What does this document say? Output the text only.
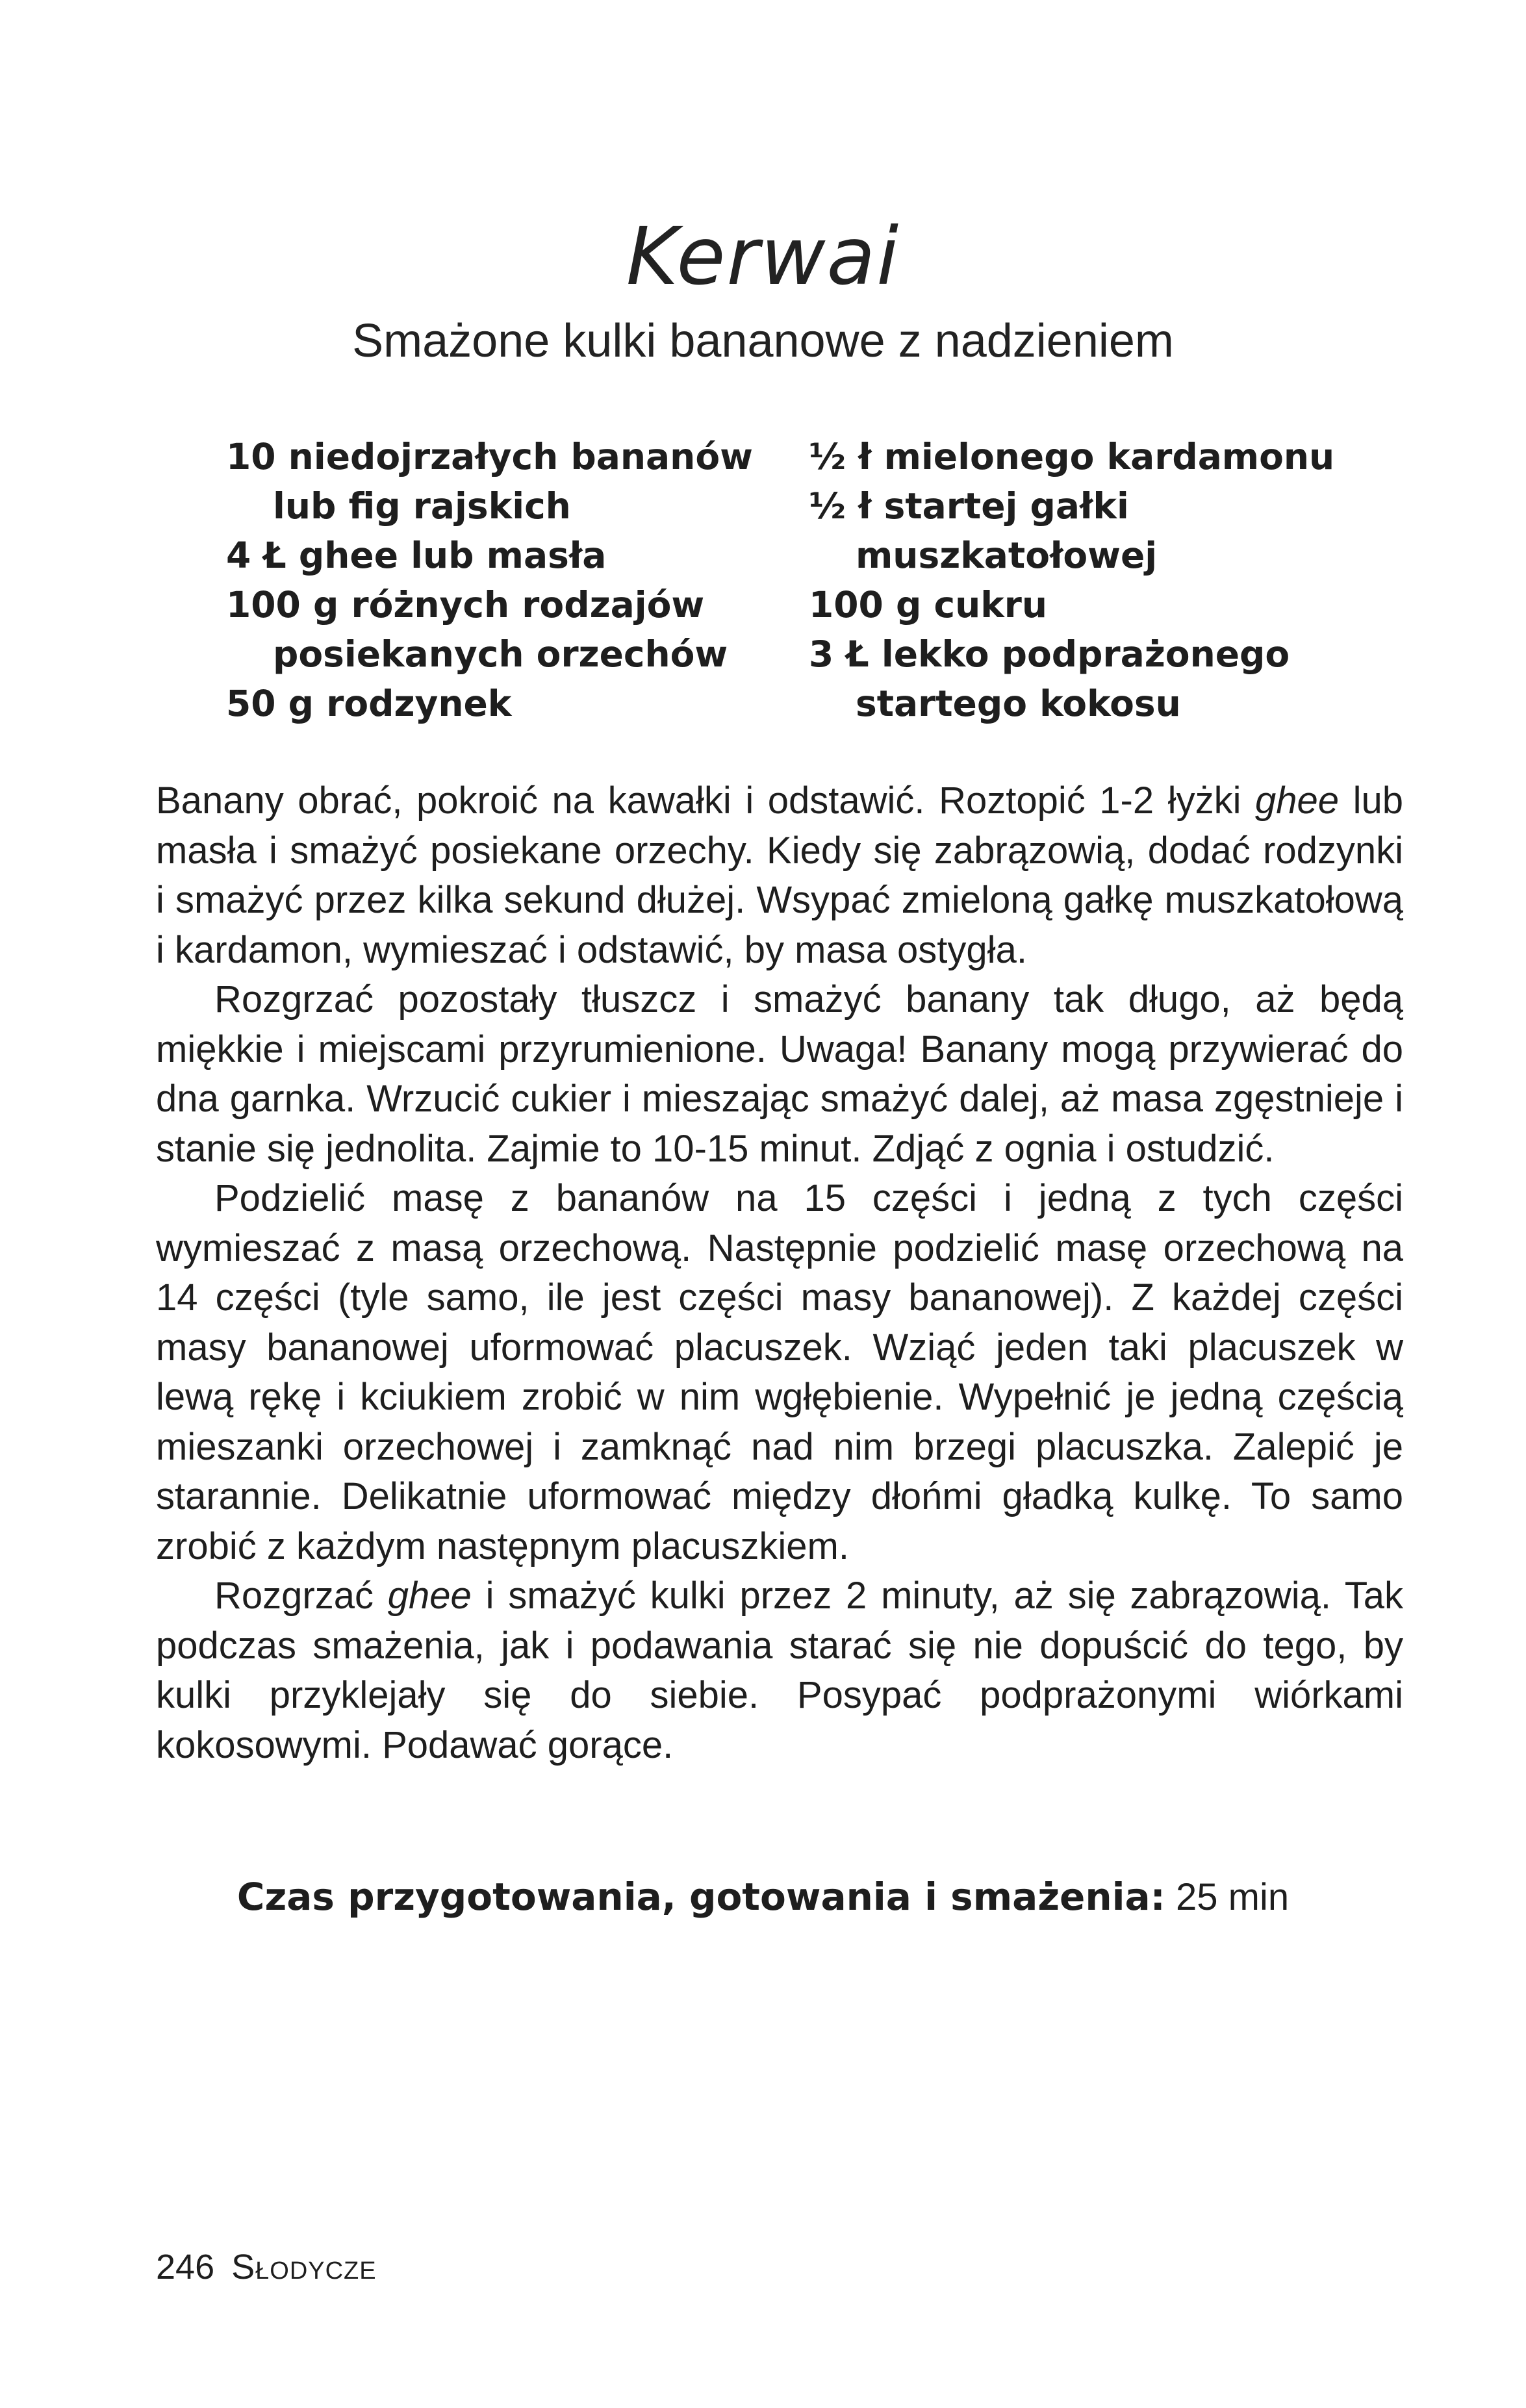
Kerwai
Smażone kulki bananowe z nadzieniem
10 niedojrzałych bananów
lub fig rajskich
4 Ł ghee lub masła
100 g różnych rodzajów
posiekanych orzechów
50 g rodzynek
½ ł mielonego kardamonu
½ ł startej gałki
muszkatołowej
100 g cukru
3 Ł lekko podprażonego
startego kokosu

Banany obrać, pokroić na kawałki i odstawić. Roztopić 1-2 łyżki ghee lub masła i smażyć posiekane orzechy. Kiedy się zabrązowią, dodać rodzynki i smażyć przez kilka sekund dłużej. Wsypać zmieloną gałkę muszkatołową i kardamon, wymieszać i odstawić, by masa ostygła.

Rozgrzać pozostały tłuszcz i smażyć banany tak długo, aż będą miękkie i miejscami przyrumienione. Uwaga! Banany mogą przywierać do dna garnka. Wrzucić cukier i mieszając smażyć dalej, aż masa zgęstnieje i stanie się jednolita. Zajmie to 10-15 minut. Zdjąć z ognia i ostudzić.

Podzielić masę z bananów na 15 części i jedną z tych części wymieszać z masą orzechową. Następnie podzielić masę orzechową na 14 części (tyle samo, ile jest części masy bananowej). Z każdej części masy bananowej uformować placuszek. Wziąć jeden taki placuszek w lewą rękę i kciukiem zrobić w nim wgłębienie. Wypełnić je jedną częścią mieszanki orzechowej i zamknąć nad nim brzegi placuszka. Zalepić je starannie. Delikatnie uformować między dłońmi gładką kulkę. To samo zrobić z każdym następnym placuszkiem.

Rozgrzać ghee i smażyć kulki przez 2 minuty, aż się zabrązowią. Tak podczas smażenia, jak i podawania starać się nie dopuścić do tego, by kulki przyklejały się do siebie. Posypać podprażonymi wiórkami kokosowymi. Podawać gorące.

Czas przygotowania, gotowania i smażenia: 25 min
246 Słodycze
